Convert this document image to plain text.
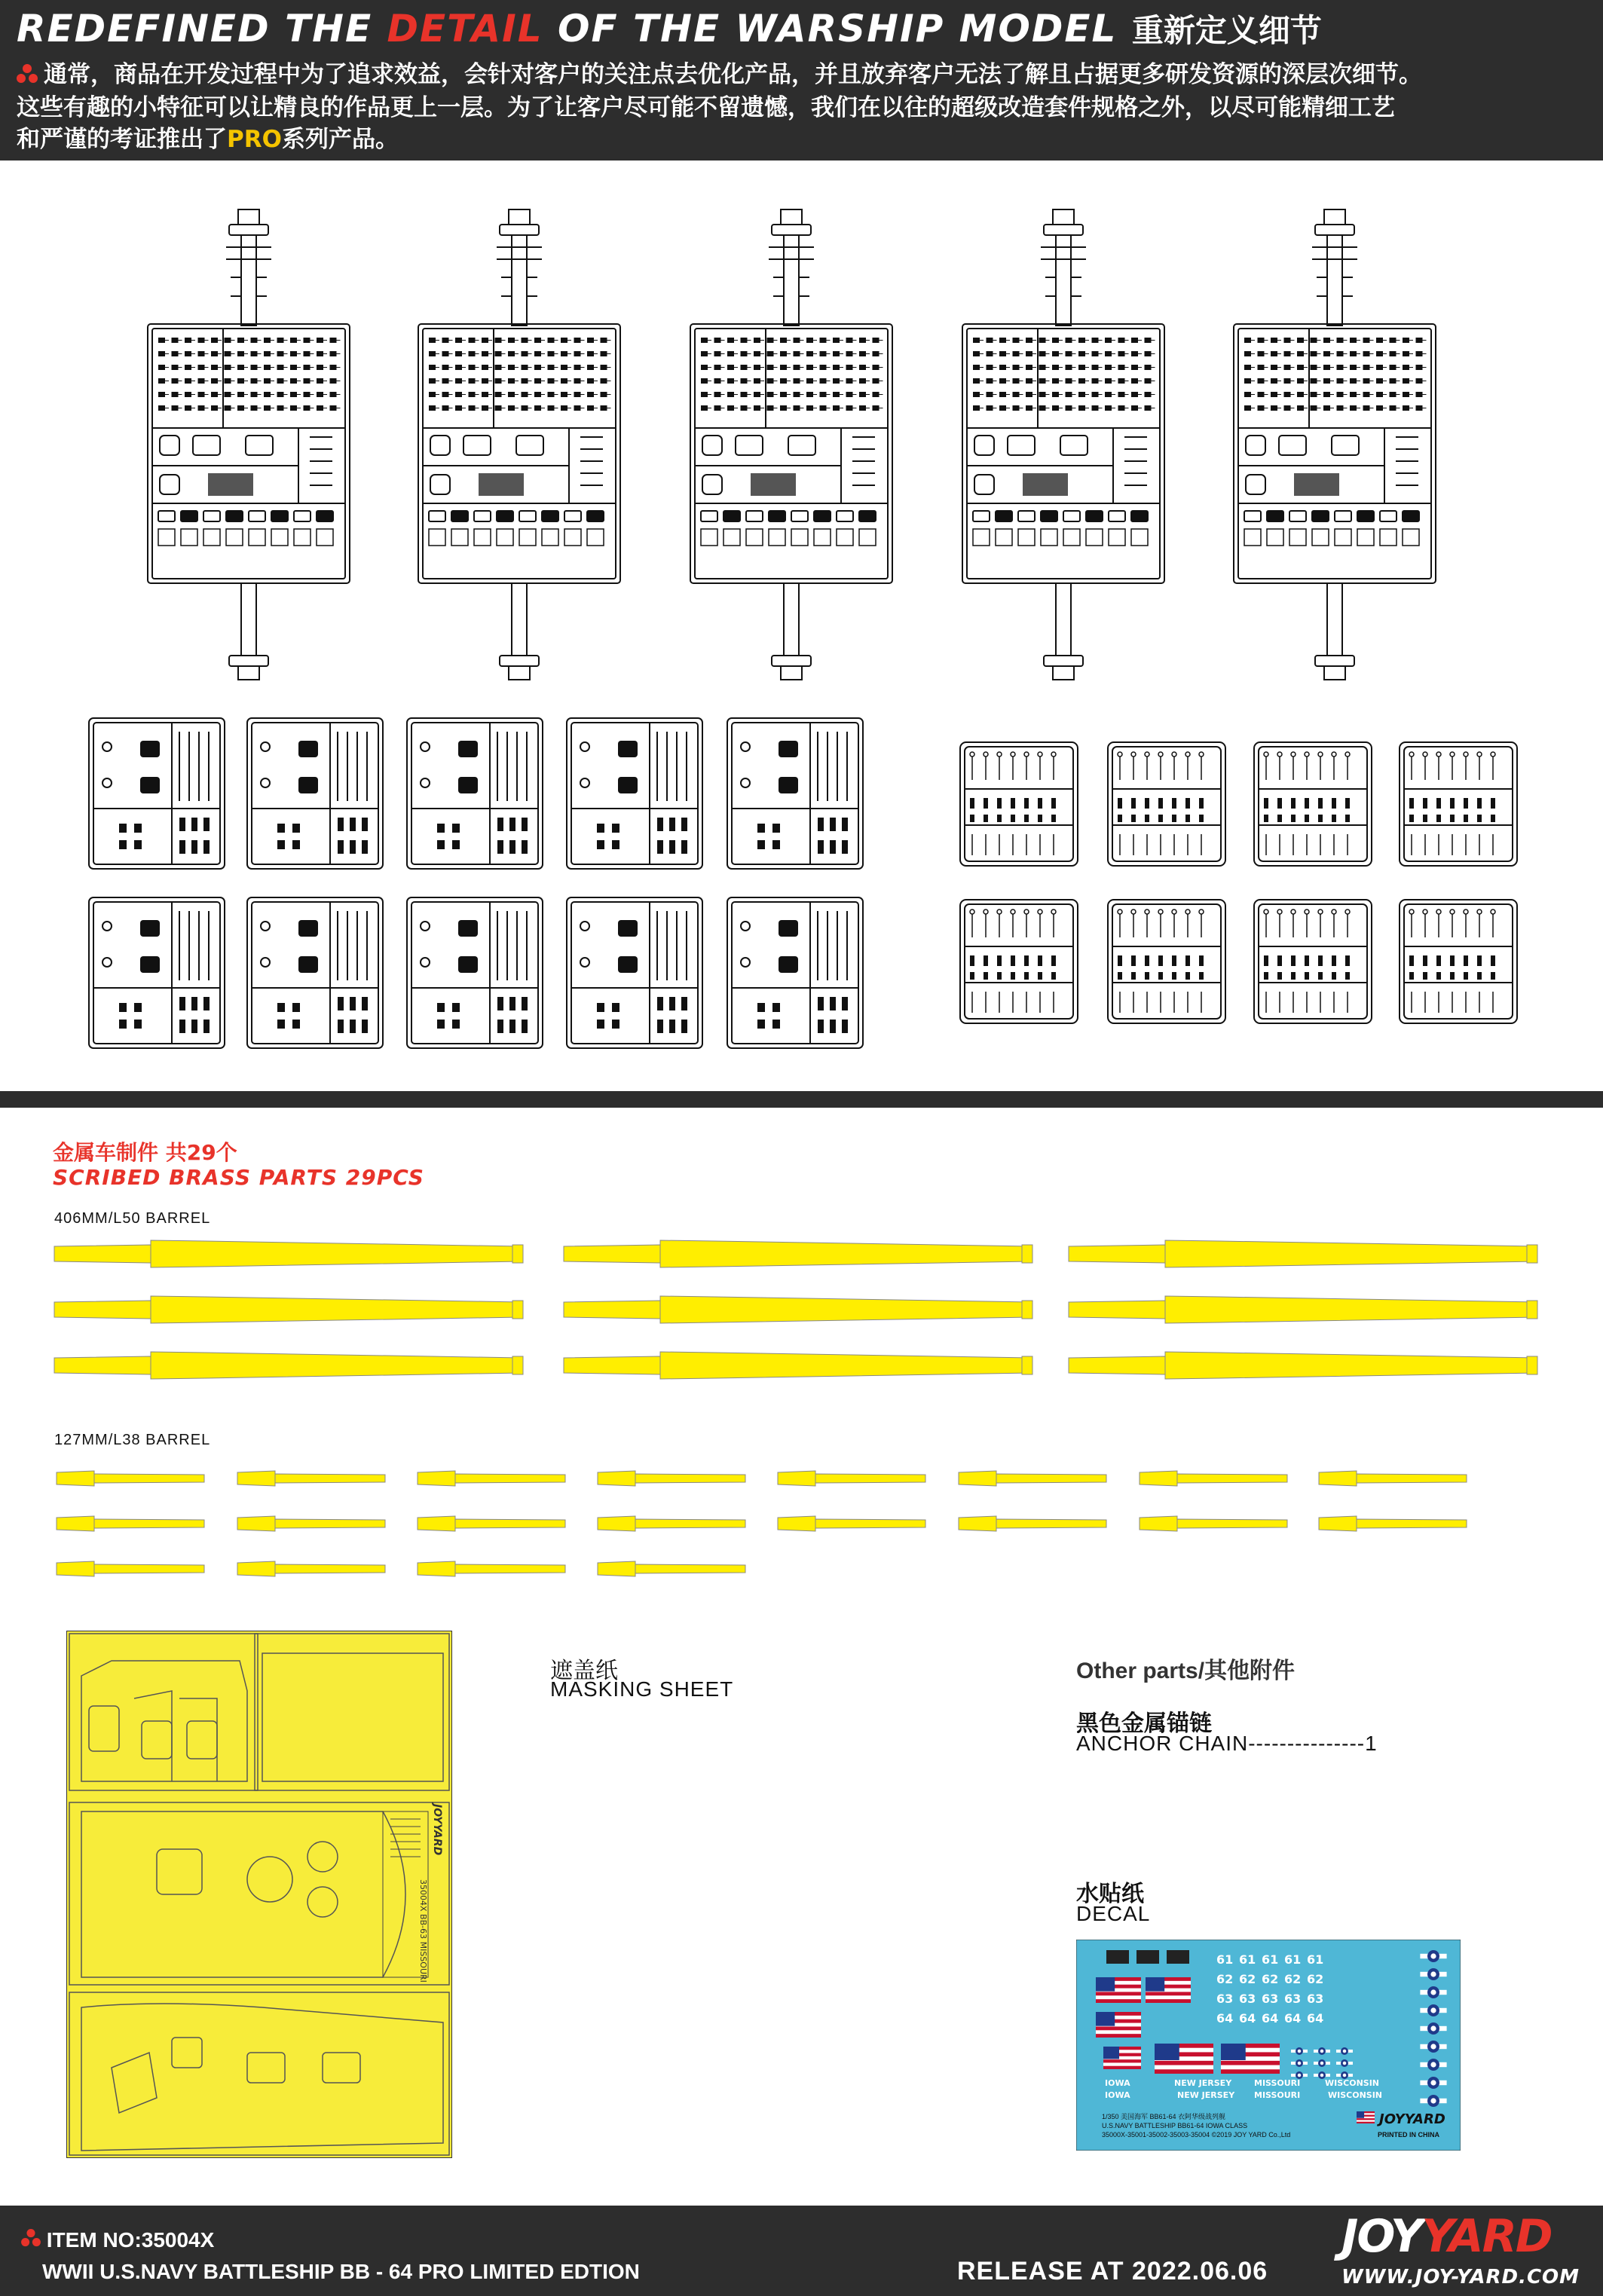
REDEFINED THE DETAIL OF THE WARSHIP MODEL 重新定义细节
通常，商品在开发过程中为了追求效益，会针对客户的关注点去优化产品，并且放弃客户无法了解且占据更多研发资源的深层次细节。
这些有趣的小特征可以让精良的作品更上一层。为了让客户尽可能不留遗憾，我们在以往的超级改造套件规格之外，以尽可能精细工艺
和严谨的考证推出了PRO系列产品。
金属车制件 共29个
SCRIBED BRASS PARTS 29PCS
406MM/L50 BARREL
127MM/L38 BARREL
JOYYARD
35004X BB-63 MISSOURI
遮盖纸
MASKING SHEET
Other parts/其他附件
黑色金属锚链
ANCHOR CHAIN---------------1
水贴纸
DECAL
61 61 61 61 61
62 62 62 62 62
63 63 63 63 63
64 64 64 64 64
IOWA	NEW JERSEY	MISSOURI	WISCONSIN
IOWA	NEW JERSEY MISSOURI	WISCONSIN
1/350 美国海军 BB61-64 衣阿华级战列舰
U.S.NAVY BATTLESHIP BB61-64 IOWA CLASS
35000X-35001-35002-35003-35004 ©2019 JOY YARD Co.,Ltd
JOYYARD
PRINTED IN CHINA
ITEM NO:35004X
WWII U.S.NAVY BATTLESHIP BB - 64 PRO LIMITED EDTION	RELEASE AT 2022.06.06
JOYYARD
WWW.JOY-YARD.COM
